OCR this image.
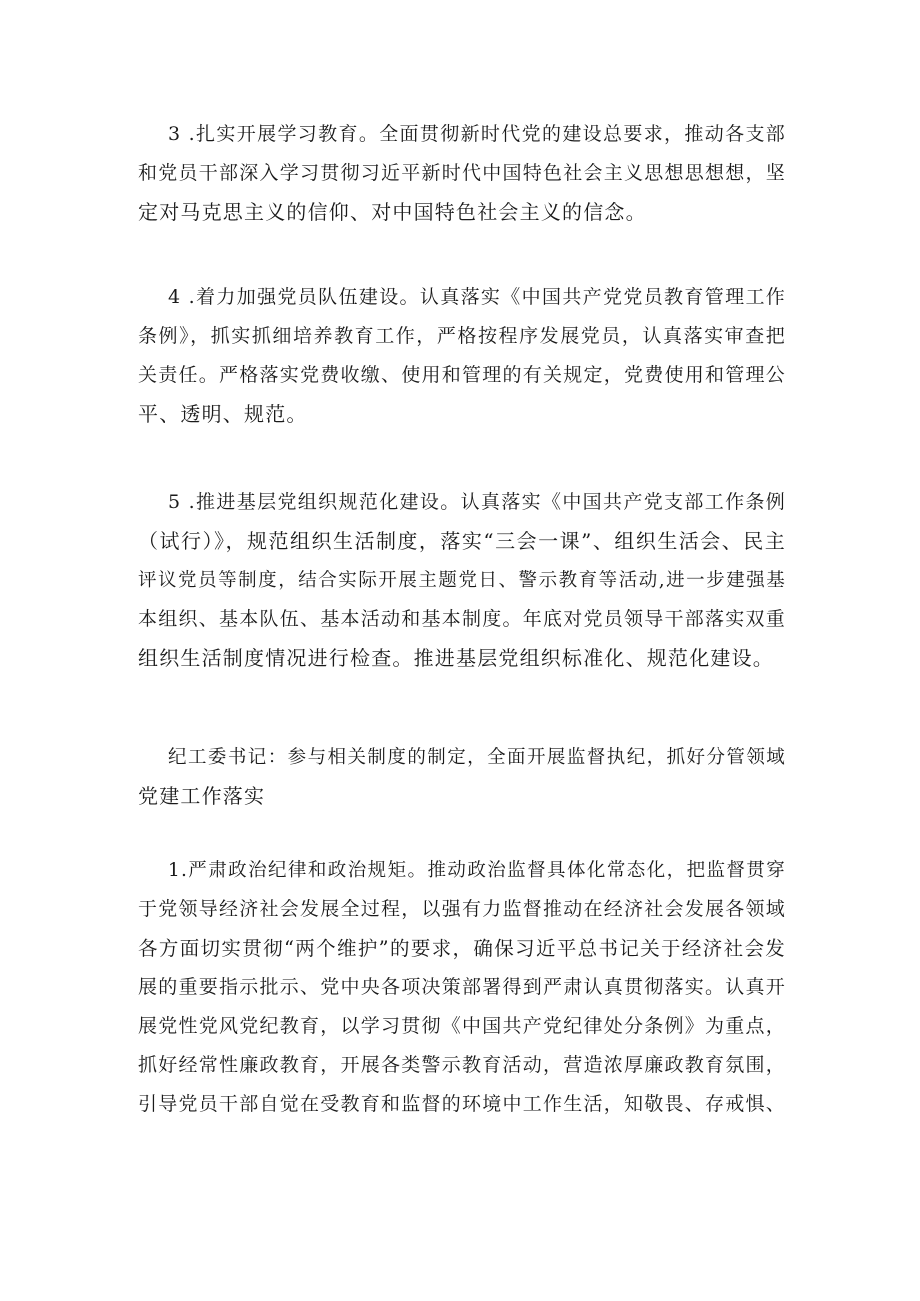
3 .扎实开展学习教育。全面贯彻新时代党的建设总要求，推动各支部
和党员干部深入学习贯彻习近平新时代中国特色社会主义思想思想想，坚
定对马克思主义的信仰、对中国特色社会主义的信念。
4 .着力加强党员队伍建设。认真落实《中国共产党党员教育管理工作
条例》，抓实抓细培养教育工作，严格按程序发展党员，认真落实审查把
关责任。严格落实党费收缴、使用和管理的有关规定，党费使用和管理公
平、透明、规范。
5 .推进基层党组织规范化建设。认真落实《中国共产党支部工作条例
（试行）》，规范组织生活制度，落实“三会一课”、组织生活会、民主
评议党员等制度，结合实际开展主题党日、警示教育等活动,进一步建强基
本组织、基本队伍、基本活动和基本制度。年底对党员领导干部落实双重
组织生活制度情况进行检查。推进基层党组织标准化、规范化建设。
纪工委书记：参与相关制度的制定，全面开展监督执纪，抓好分管领域
党建工作落实
1.严肃政治纪律和政治规矩。推动政治监督具体化常态化，把监督贯穿
于党领导经济社会发展全过程，以强有力监督推动在经济社会发展各领域
各方面切实贯彻“两个维护”的要求，确保习近平总书记关于经济社会发
展的重要指示批示、党中央各项决策部署得到严肃认真贯彻落实。认真开
展党性党风党纪教育，以学习贯彻《中国共产党纪律处分条例》为重点，
抓好经常性廉政教育，开展各类警示教育活动，营造浓厚廉政教育氛围，
引导党员干部自觉在受教育和监督的环境中工作生活，知敬畏、存戒惧、
